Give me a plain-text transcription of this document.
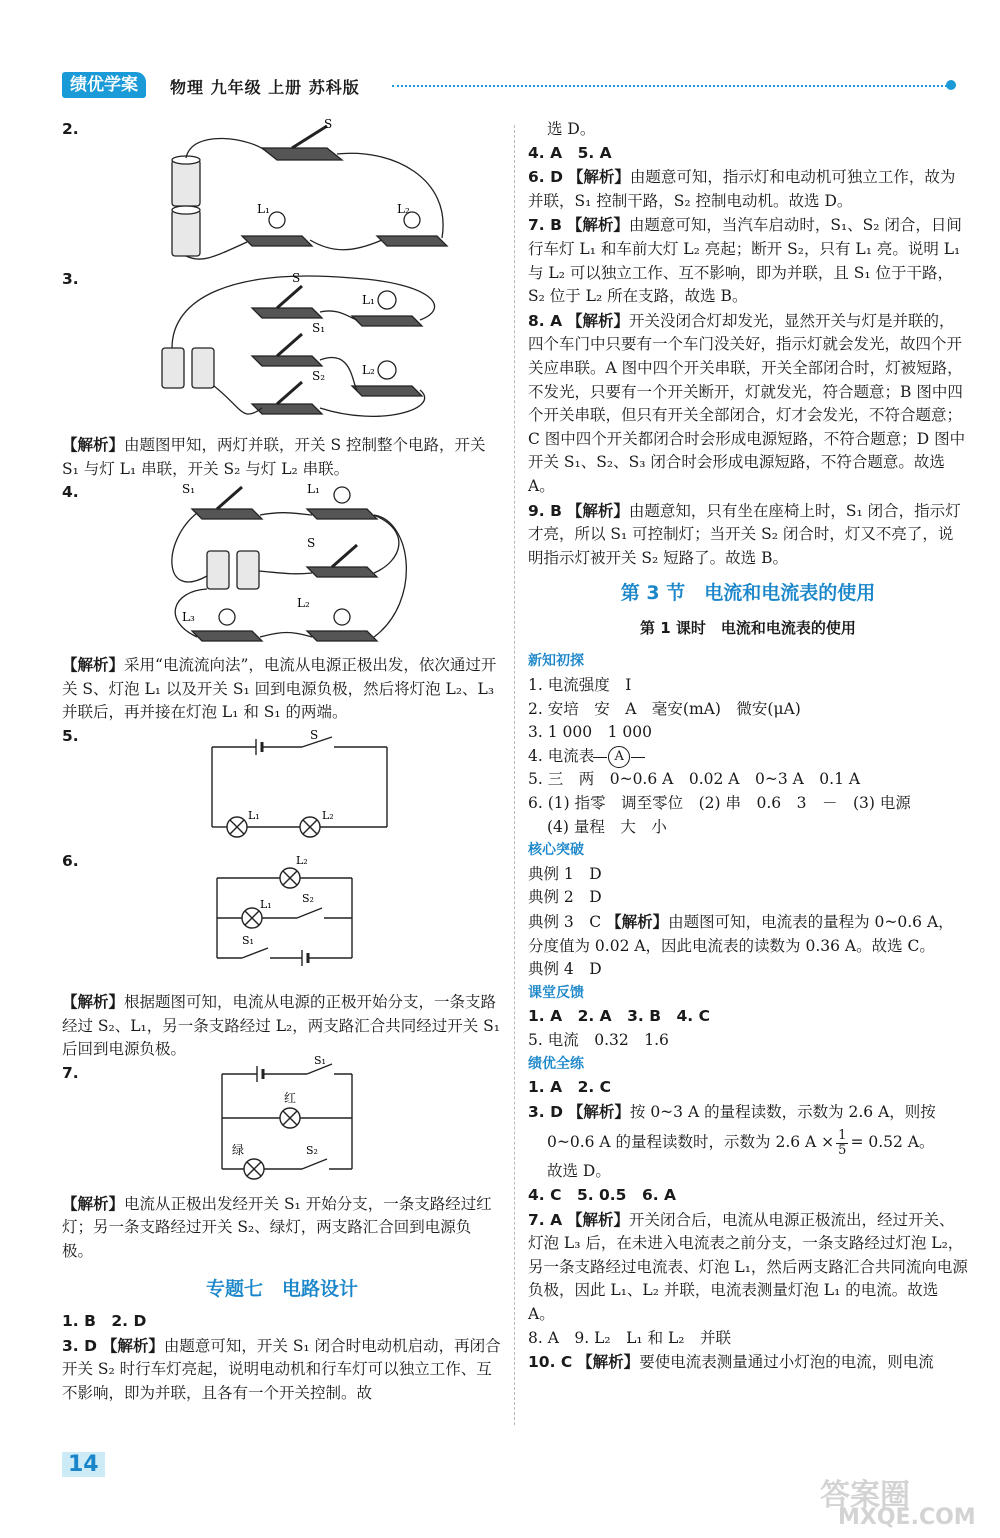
绩优学案	物理 九年级 上册 苏科版
2.	S
L₁	L₂
3.	S
S₁
S₂
L₁
L₂

【解析】由题图甲知，两灯并联，开关 S 控制整个电路，开关 S₁ 与灯 L₁ 串联，开关 S₂ 与灯 L₂ 串联。

4.	S₁	L₁
S
L₃
L₂

【解析】采用“电流流向法”，电流从电源正极出发，依次通过开关 S、灯泡 L₁ 以及开关 S₁ 回到电源负极，然后将灯泡 L₂、L₃ 并联后，再并接在灯泡 L₁ 和 S₁ 的两端。

5.	S
L₁	L₂
6.	L₂
L₁	S₂
S₁

【解析】根据题图可知，电流从电源的正极开始分支，一条支路经过 S₂、L₁，另一条支路经过 L₂，两支路汇合共同经过开关 S₁ 后回到电源负极。

7.
S₁
红
绿	S₂

【解析】电流从正极出发经开关 S₁ 开始分支，一条支路经过红灯；另一条支路经过开关 S₂、绿灯，两支路汇合回到电源负极。

专题七　电路设计

1. B　2. D

3. D 【解析】由题意可知，开关 S₁ 闭合时电动机启动，再闭合开关 S₂ 时行车灯亮起，说明电动机和行车灯可以独立工作、互不影响，即为并联，且各有一个开关控制。故

选 D。

4. A　5. A

6. D 【解析】由题意可知，指示灯和电动机可独立工作，故为并联，S₁ 控制干路，S₂ 控制电动机。故选 D。

7. B 【解析】由题意可知，当汽车启动时，S₁、S₂ 闭合，日间行车灯 L₁ 和车前大灯 L₂ 亮起；断开 S₂，只有 L₁ 亮。说明 L₁ 与 L₂ 可以独立工作、互不影响，即为并联，且 S₁ 位于干路，S₂ 位于 L₂ 所在支路，故选 B。

8. A 【解析】开关没闭合灯却发光，显然开关与灯是并联的，四个车门中只要有一个车门没关好，指示灯就会发光，故四个开关应串联。A 图中四个开关串联，开关全部闭合时，灯被短路，不发光，只要有一个开关断开，灯就发光，符合题意；B 图中四个开关串联，但只有开关全部闭合，灯才会发光，不符合题意；C 图中四个开关都闭合时会形成电源短路，不符合题意；D 图中开关 S₁、S₂、S₃ 闭合时会形成电源短路，不符合题意。故选 A。

9. B 【解析】由题意知，只有坐在座椅上时，S₁ 闭合，指示灯才亮，所以 S₁ 可控制灯；当开关 S₂ 闭合时，灯又不亮了，说明指示灯被开关 S₂ 短路了。故选 B。

第 3 节　电流和电流表的使用
第 1 课时　电流和电流表的使用

新知初探

1. 电流强度　I

2. 安培　安　A　毫安(mA)　微安(μA)

3. 1 000　1 000

4. 电流表 A

5. 三　两　0~0.6 A　0.02 A　0~3 A　0.1 A

6. (1) 指零　调至零位　(2) 串　0.6　3　－　(3) 电源

(4) 量程　大　小

核心突破

典例 1　D

典例 2　D

典例 3　C 【解析】由题图可知，电流表的量程为 0~0.6 A，分度值为 0.02 A，因此电流表的读数为 0.36 A。故选 C。

典例 4　D

课堂反馈

1. A　2. A　3. B　4. C

5. 电流　0.32　1.6

绩优全练

1. A　2. C

3. D 【解析】按 0~3 A 的量程读数，示数为 2.6 A，则按

0~0.6 A 的量程读数时，示数为 2.6 $A \times \frac{1}{5} = 0.52$ A。

故选 D。

4. C　5. 0.5　6. A

7. A 【解析】开关闭合后，电流从电源正极流出，经过开关、灯泡 L₃ 后，在未进入电流表之前分支，一条支路经过灯泡 L₂，另一条支路经过电流表、灯泡 L₁，然后两支路汇合共同流向电源负极，因此 L₁、L₂ 并联，电流表测量灯泡 L₁ 的电流。故选 A。

8. A　9. L₂　L₁ 和 L₂　并联

10. C 【解析】要使电流表测量通过小灯泡的电流，则电流

14
答案圈
MXQE.COM
